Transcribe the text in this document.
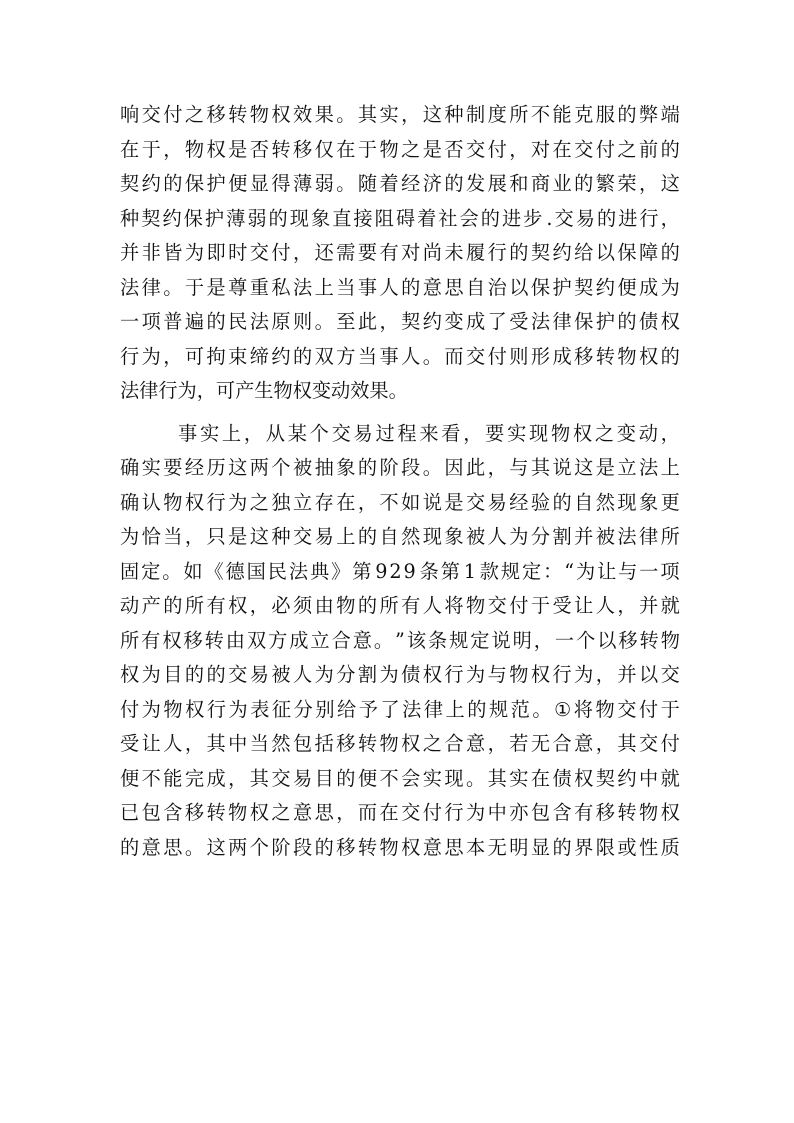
响 交 付 之 移 转 物 权 效 果 。 其 实 ， 这 种 制 度 所 不 能 克 服 的 弊 端
在 于 ， 物 权 是 否 转 移 仅 在 于 物 之 是 否 交 付 ， 对 在 交 付 之 前 的
契 约 的 保 护 便 显 得 薄 弱 。 随 着 经 济 的 发 展 和 商 业 的 繁 荣 ， 这
种 契 约 保 护 薄 弱 的 现 象 直 接 阻 碍 着 社 会 的 进 步 . 交 易 的 进 行 ，
并 非 皆 为 即 时 交 付 ， 还 需 要 有 对 尚 未 履 行 的 契 约 给 以 保 障 的
法 律 。 于 是 尊 重 私 法 上 当 事 人 的 意 思 自 治 以 保 护 契 约 便 成 为
一 项 普 遍 的 民 法 原 则 。 至 此 ， 契 约 变 成 了 受 法 律 保 护 的 债 权
行 为 ， 可 拘 束 缔 约 的 双 方 当 事 人 。 而 交 付 则 形 成 移 转 物 权 的
法律行为，可产生物权变动效果。
事 实 上 ， 从 某 个 交 易 过 程 来 看 ， 要 实 现 物 权 之 变 动 ，
确 实 要 经 历 这 两 个 被 抽 象 的 阶 段 。 因 此 ， 与 其 说 这 是 立 法 上
确 认 物 权 行 为 之 独 立 存 在 ， 不 如 说 是 交 易 经 验 的 自 然 现 象 更
为 恰 当 ， 只 是 这 种 交 易 上 的 自 然 现 象 被 人 为 分 割 并 被 法 律 所
固 定 。 如 《 德 国 民 法 典 》 第 9 2 9 条 第 1 款 规 定 ： “ 为 让 与 一 项
动 产 的 所 有 权 ， 必 须 由 物 的 所 有 人 将 物 交 付 于 受 让 人 ， 并 就
所 有 权 移 转 由 双 方 成 立 合 意 。 ” 该 条 规 定 说 明 ， 一 个 以 移 转 物
权 为 目 的 的 交 易 被 人 为 分 割 为 债 权 行 为 与 物 权 行 为 ， 并 以 交
付 为 物 权 行 为 表 征 分 别 给 予 了 法 律 上 的 规 范 。 ① 将 物 交 付 于
受 让 人 ， 其 中 当 然 包 括 移 转 物 权 之 合 意 ， 若 无 合 意 ， 其 交 付
便 不 能 完 成 ， 其 交 易 目 的 便 不 会 实 现 。 其 实 在 债 权 契 约 中 就
已 包 含 移 转 物 权 之 意 思 ， 而 在 交 付 行 为 中 亦 包 含 有 移 转 物 权
的 意 思 。 这 两 个 阶 段 的 移 转 物 权 意 思 本 无 明 显 的 界 限 或 性 质
